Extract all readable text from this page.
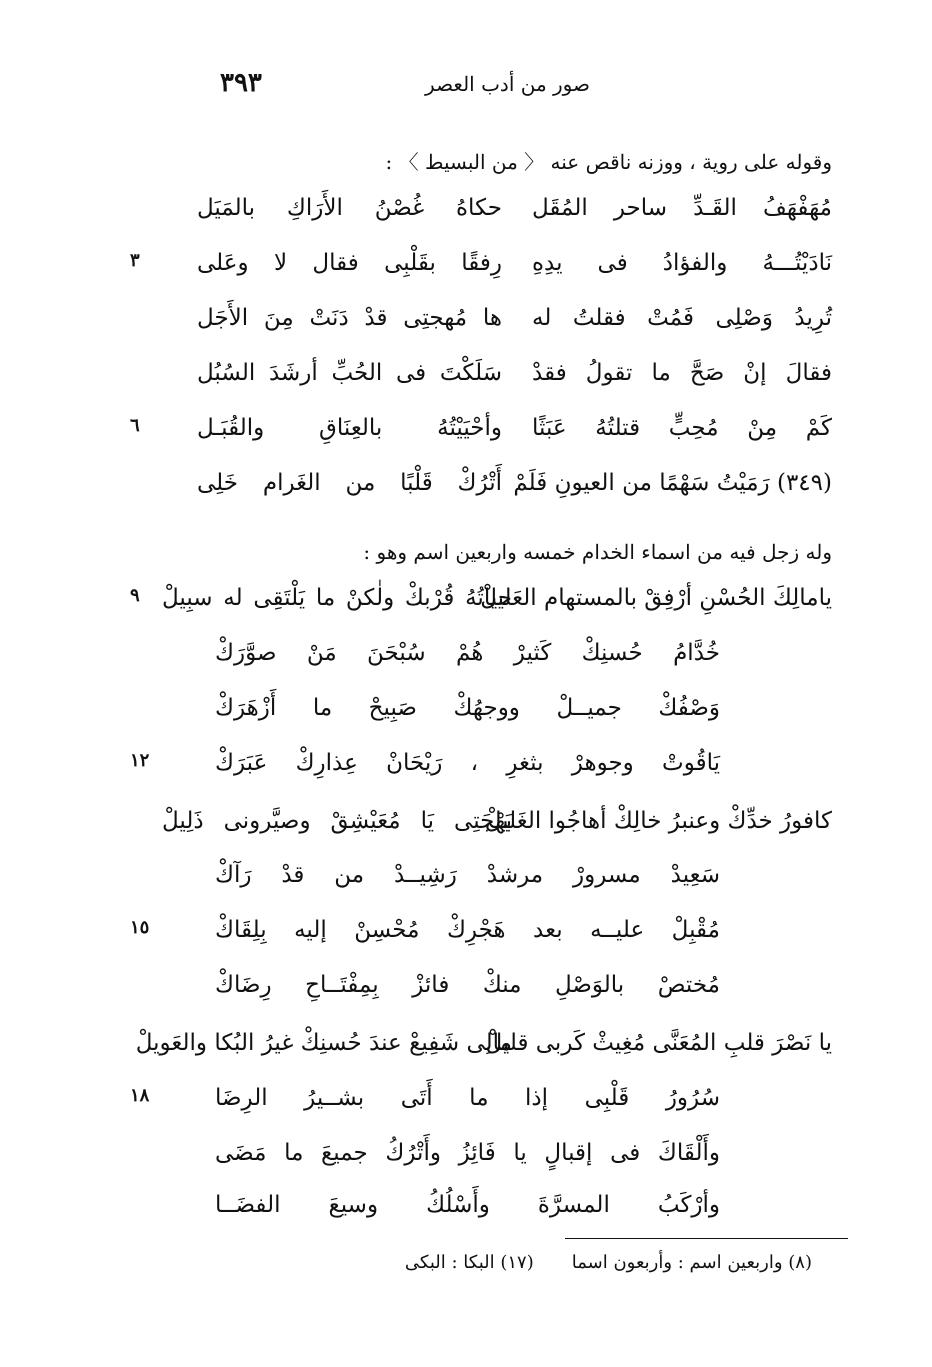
٣٩٣	صور من أدب العصر
وقوله على روية ، ووزنه ناقص عنه 〈 من البسيط 〉 :
مُهَفْهَفُ القَـدِّ ساحر المُقَل
حكاهُ غُصْنُ الأَرَاكِ بالمَيَل
نَادَيْتُـــهُ والفؤادُ فى يدِهِ
رِفقًا بقَلْبِى فقال لا وعَلى
٣
تُرِيدُ وَصْلِى فَمُتْ فقلتُ له
ها مُهجتِى قدْ دَنَتْ مِنَ الأَجَل
فقالَ إنْ صَحَّ ما تقولُ فقدْ
سَلَكْتَ فى الحُبِّ أرشَدَ السُبُل
كَمْ مِنْ مُحِبٍّ قتلتُهُ عَبَثًا
وأحْيَيْتُهُ بالعِنَاقِ والقُبَـل
٦
(٣٤٩) رَمَيْتُ سَهْمًا من العيونِ فَلَمْ
أَتْرُكْ قَلْبًا من الغَرام خَلِى
وله زجل فيه من اسماء الخدام خمسه واربعين اسم وهو :
يامالِكَ الحُسْنِ أرْفِقْ بالمستهام العَليلْ
حياتُهُ قُرْبكْ ولٰكنْ ما يَلْتَقِى له سبِيلْ
٩
خُدَّامُ حُسنِكْ كَثيرْ هُمْ سُبْحَنَ مَنْ صوَّرَكْ
وَصْفُكْ جميــلْ ووجهُكْ صَبِيحْ ما أَزْهَرَكْ
يَاقُوتْ وجوهرْ بثغرِ ، رَيْحَانْ عِذارِكْ عَبَرَكْ
١٢
كافورُ خدِّكْ وعنبرُ خالِكْ أهاجُوا الغَليلْ
بَهْجَتِى يَا مُعَيْشِقْ وصيَّرونى ذَلِيلْ
سَعِيدْ مسرورْ مرشدْ رَشِيــدْ من قدْ رَآكْ
مُقْبِلْ عليــه بعد هَجْرِكْ مُحْسِنْ إليه بِلِقَاكْ
١٥
مُختصْ بالوَصْلِ منكْ فائزْ بِمِفْتَــاحِ رِضَاكْ
يا نَصْرَ قلبِ المُعَنَّى مُغِيثْ كَربى قليلْ
مالِى شَفِيعْ عندَ حُسنِكْ غيرُ البُكا والعَويلْ
سُرُورُ قَلْبِى إذا ما أَتَى بشــيرُ الرِضَا
١٨
وأَلْقَاكَ فى إقبالٍ يا فَائِزُ وأَتْرُكُ جميعَ ما مَضَى
وأرْكَبُ المسرَّةَ وأَسْلُكُ وسيعَ الفضَــا
(٨) واربعين اسم : وأربعون اسما(١٧) البكا : البكى
